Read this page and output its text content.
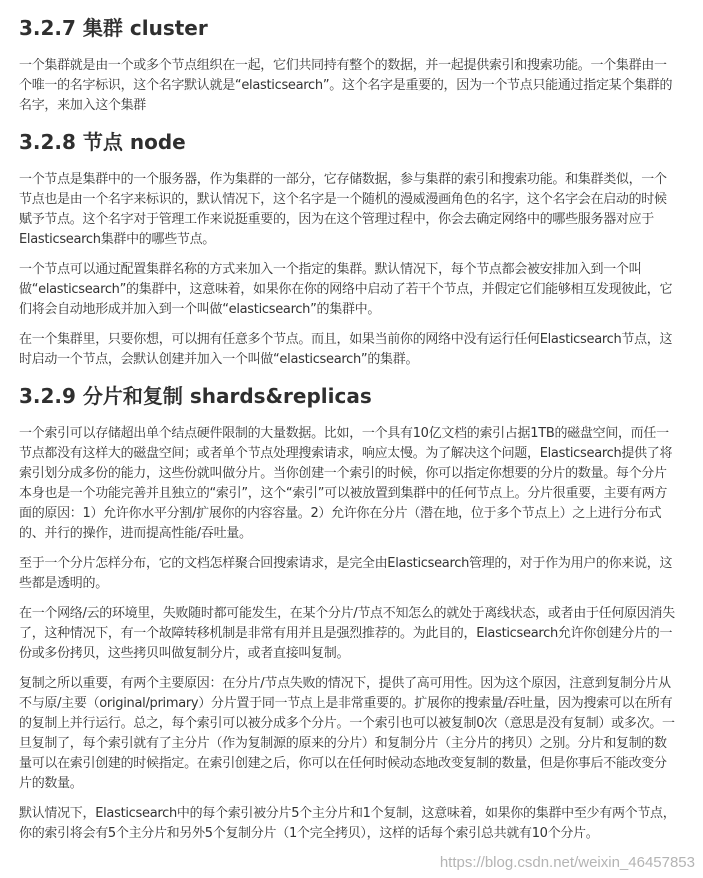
3.2.7 集群 cluster

一个集群就是由一个或多个节点组织在一起，它们共同持有整个的数据，并一起提供索引和搜索功能。一个集群由一个唯一的名字标识，这个名字默认就是“elasticsearch”。这个名字是重要的，因为一个节点只能通过指定某个集群的名字，来加入这个集群

3.2.8 节点 node

一个节点是集群中的一个服务器，作为集群的一部分，它存储数据，参与集群的索引和搜索功能。和集群类似，一个节点也是由一个名字来标识的，默认情况下，这个名字是一个随机的漫威漫画角色的名字，这个名字会在启动的时候赋予节点。这个名字对于管理工作来说挺重要的，因为在这个管理过程中，你会去确定网络中的哪些服务器对应于Elasticsearch集群中的哪些节点。

一个节点可以通过配置集群名称的方式来加入一个指定的集群。默认情况下，每个节点都会被安排加入到一个叫做“elasticsearch”的集群中，这意味着，如果你在你的网络中启动了若干个节点，并假定它们能够相互发现彼此，它们将会自动地形成并加入到一个叫做“elasticsearch”的集群中。

在一个集群里，只要你想，可以拥有任意多个节点。而且，如果当前你的网络中没有运行任何Elasticsearch节点，这时启动一个节点，会默认创建并加入一个叫做“elasticsearch”的集群。

3.2.9 分片和复制 shards&replicas

一个索引可以存储超出单个结点硬件限制的大量数据。比如，一个具有10亿文档的索引占据1TB的磁盘空间，而任一节点都没有这样大的磁盘空间；或者单个节点处理搜索请求，响应太慢。为了解决这个问题，Elasticsearch提供了将索引划分成多份的能力，这些份就叫做分片。当你创建一个索引的时候，你可以指定你想要的分片的数量。每个分片本身也是一个功能完善并且独立的“索引”，这个“索引”可以被放置到集群中的任何节点上。分片很重要，主要有两方面的原因：1）允许你水平分割/扩展你的内容容量。2）允许你在分片（潜在地，位于多个节点上）之上进行分布式的、并行的操作，进而提高性能/吞吐量。

至于一个分片怎样分布，它的文档怎样聚合回搜索请求，是完全由Elasticsearch管理的，对于作为用户的你来说，这些都是透明的。

在一个网络/云的环境里，失败随时都可能发生，在某个分片/节点不知怎么的就处于离线状态，或者由于任何原因消失了，这种情况下，有一个故障转移机制是非常有用并且是强烈推荐的。为此目的，Elasticsearch允许你创建分片的一份或多份拷贝，这些拷贝叫做复制分片，或者直接叫复制。

复制之所以重要，有两个主要原因：在分片/节点失败的情况下，提供了高可用性。因为这个原因，注意到复制分片从不与原/主要（original/primary）分片置于同一节点上是非常重要的。扩展你的搜索量/吞吐量，因为搜索可以在所有的复制上并行运行。总之，每个索引可以被分成多个分片。一个索引也可以被复制0次（意思是没有复制）或多次。一旦复制了，每个索引就有了主分片（作为复制源的原来的分片）和复制分片（主分片的拷贝）之别。分片和复制的数量可以在索引创建的时候指定。在索引创建之后，你可以在任何时候动态地改变复制的数量，但是你事后不能改变分片的数量。

默认情况下，Elasticsearch中的每个索引被分片5个主分片和1个复制，这意味着，如果你的集群中至少有两个节点，你的索引将会有5个主分片和另外5个复制分片（1个完全拷贝），这样的话每个索引总共就有10个分片。

https://blog.csdn.net/weixin_46457853
